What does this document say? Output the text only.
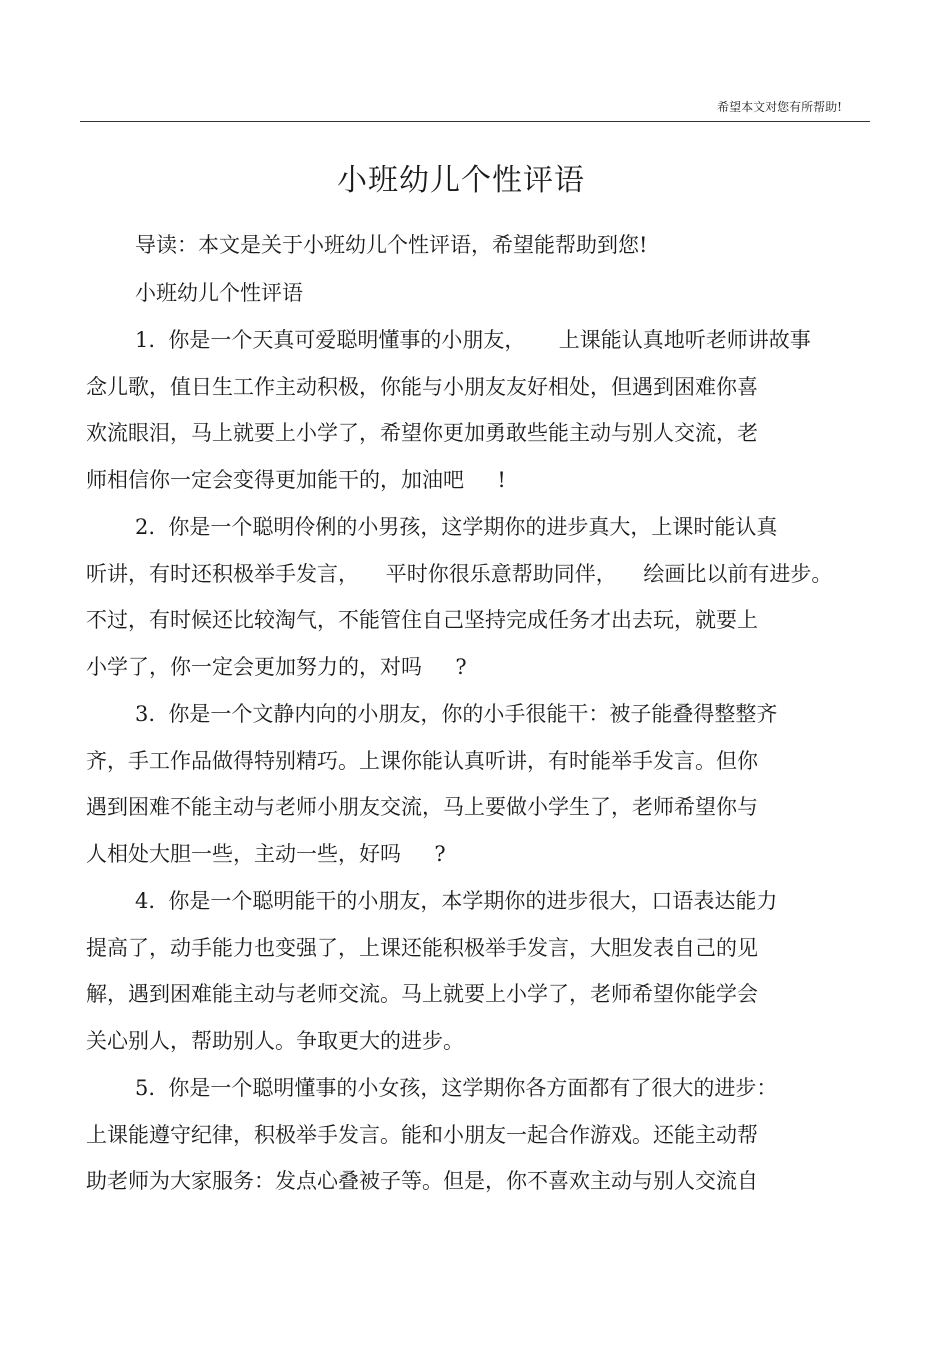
希望本文对您有所帮助!
小班幼儿个性评语
导读：本文是关于小班幼儿个性评语，希望能帮助到您!
小班幼儿个性评语
1.  你是一个天真可爱聪明懂事的小朋友，     上课能认真地听老师讲故事
念儿歌，值日生工作主动积极，你能与小朋友友好相处，但遇到困难你喜
欢流眼泪，马上就要上小学了，希望你更加勇敢些能主动与别人交流，老
师相信你一定会变得更加能干的，加油吧     !
2.  你是一个聪明伶俐的小男孩，这学期你的进步真大，上课时能认真
听讲，有时还积极举手发言，    平时你很乐意帮助同伴，    绘画比以前有进步。
不过，有时候还比较淘气，不能管住自己坚持完成任务才出去玩，就要上
小学了，你一定会更加努力的，对吗     ?
3.  你是一个文静内向的小朋友，你的小手很能干：被子能叠得整整齐
齐，手工作品做得特别精巧。上课你能认真听讲，有时能举手发言。但你
遇到困难不能主动与老师小朋友交流，马上要做小学生了，老师希望你与
人相处大胆一些，主动一些，好吗     ?
4.  你是一个聪明能干的小朋友，本学期你的进步很大，口语表达能力
提高了，动手能力也变强了，上课还能积极举手发言，大胆发表自己的见
解，遇到困难能主动与老师交流。马上就要上小学了，老师希望你能学会
关心别人，帮助别人。争取更大的进步。
5.  你是一个聪明懂事的小女孩，这学期你各方面都有了很大的进步：
上课能遵守纪律，积极举手发言。能和小朋友一起合作游戏。还能主动帮
助老师为大家服务：发点心叠被子等。但是，你不喜欢主动与别人交流自
